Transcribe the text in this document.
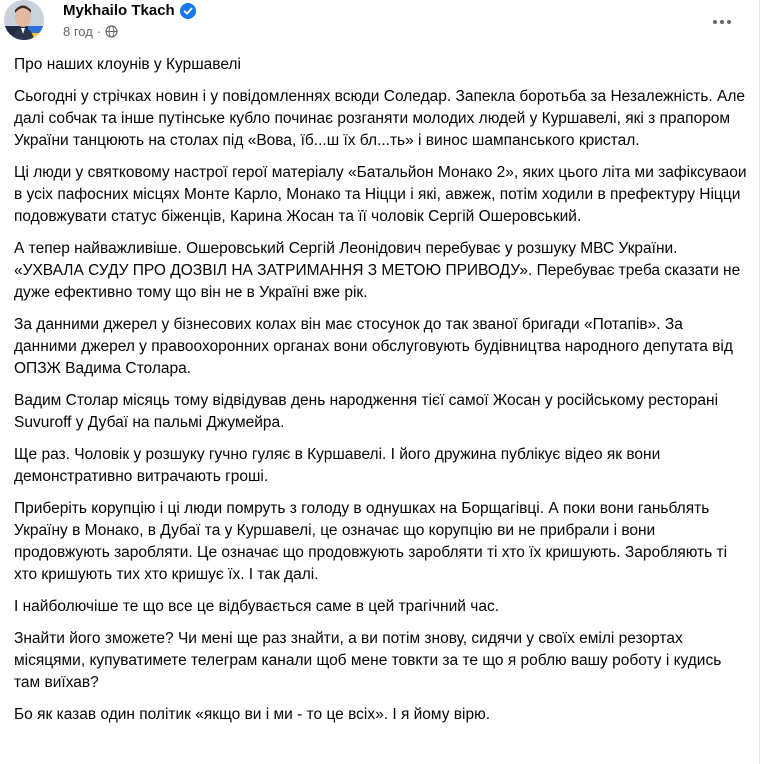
Mykhailo Tkach
8 год ·

Про наших клоунів у Куршавелі

Сьогодні у стрічках новин і у повідомленнях всюди Соледар. Запекла боротьба за Незалежність. Але далі собчак та інше путінське кубло починає розганяти молодих людей у Куршавелі, які з прапором України танцюють на столах під «Вова, їб...ш їх бл...ть» і винос шампанського кристал.

Ці люди у святковому настрої герої матеріалу «Батальйон Монако 2», яких цього літа ми зафіксуваои в усіх пафосних місцях Монте Карло, Монако та Ніцци і які, авжеж, потім ходили в префектуру Ніцци подовжувати статус біженців, Карина Жосан та її чоловік Сергій Ошеровський.

А тепер найважливіше. Ошеровський Сергій Леонідович перебуває у розшуку МВС України. «УХВАЛА СУДУ ПРО ДОЗВІЛ НА ЗАТРИМАННЯ З МЕТОЮ ПРИВОДУ». Перебуває треба сказати не дуже ефективно тому що він не в Україні вже рік.

За данними джерел у бізнесових колах він має стосунок до так званої бригади «Потапів». За данними джерел у правоохоронних органах вони обслуговують будівництва народного депутата від ОПЗЖ Вадима Столара.

Вадим Столар місяць тому відвідував день народження тієї самої Жосан у російському ресторані Suvuroff у Дубаї на пальмі Джумейра.

Ще раз. Чоловік у розшуку гучно гуляє в Куршавелі. І його дружина публікує відео як вони демонстративно витрачають гроші.

Приберіть корупцію і ці люди помруть з голоду в однушках на Борщагівці. А поки вони ганьблять Україну в Монако, в Дубаї та у Куршавелі, це означає що корупцію ви не прибрали і вони продовжують заробляти. Це означає що продовжують заробляти ті хто їх кришують. Заробляють ті хто кришують тих хто кришує їх. І так далі.

І найболючіше те що все це відбувається саме в цей трагічний час.

Знайти його зможете? Чи мені ще раз знайти, а ви потім знову, сидячи у своїх емілі резортах місяцями, купуватимете телеграм канали щоб мене товкти за те що я роблю вашу роботу і кудись там виїхав?

Бо як казав один політик «якщо ви і ми - то це всіх». І я йому вірю.
